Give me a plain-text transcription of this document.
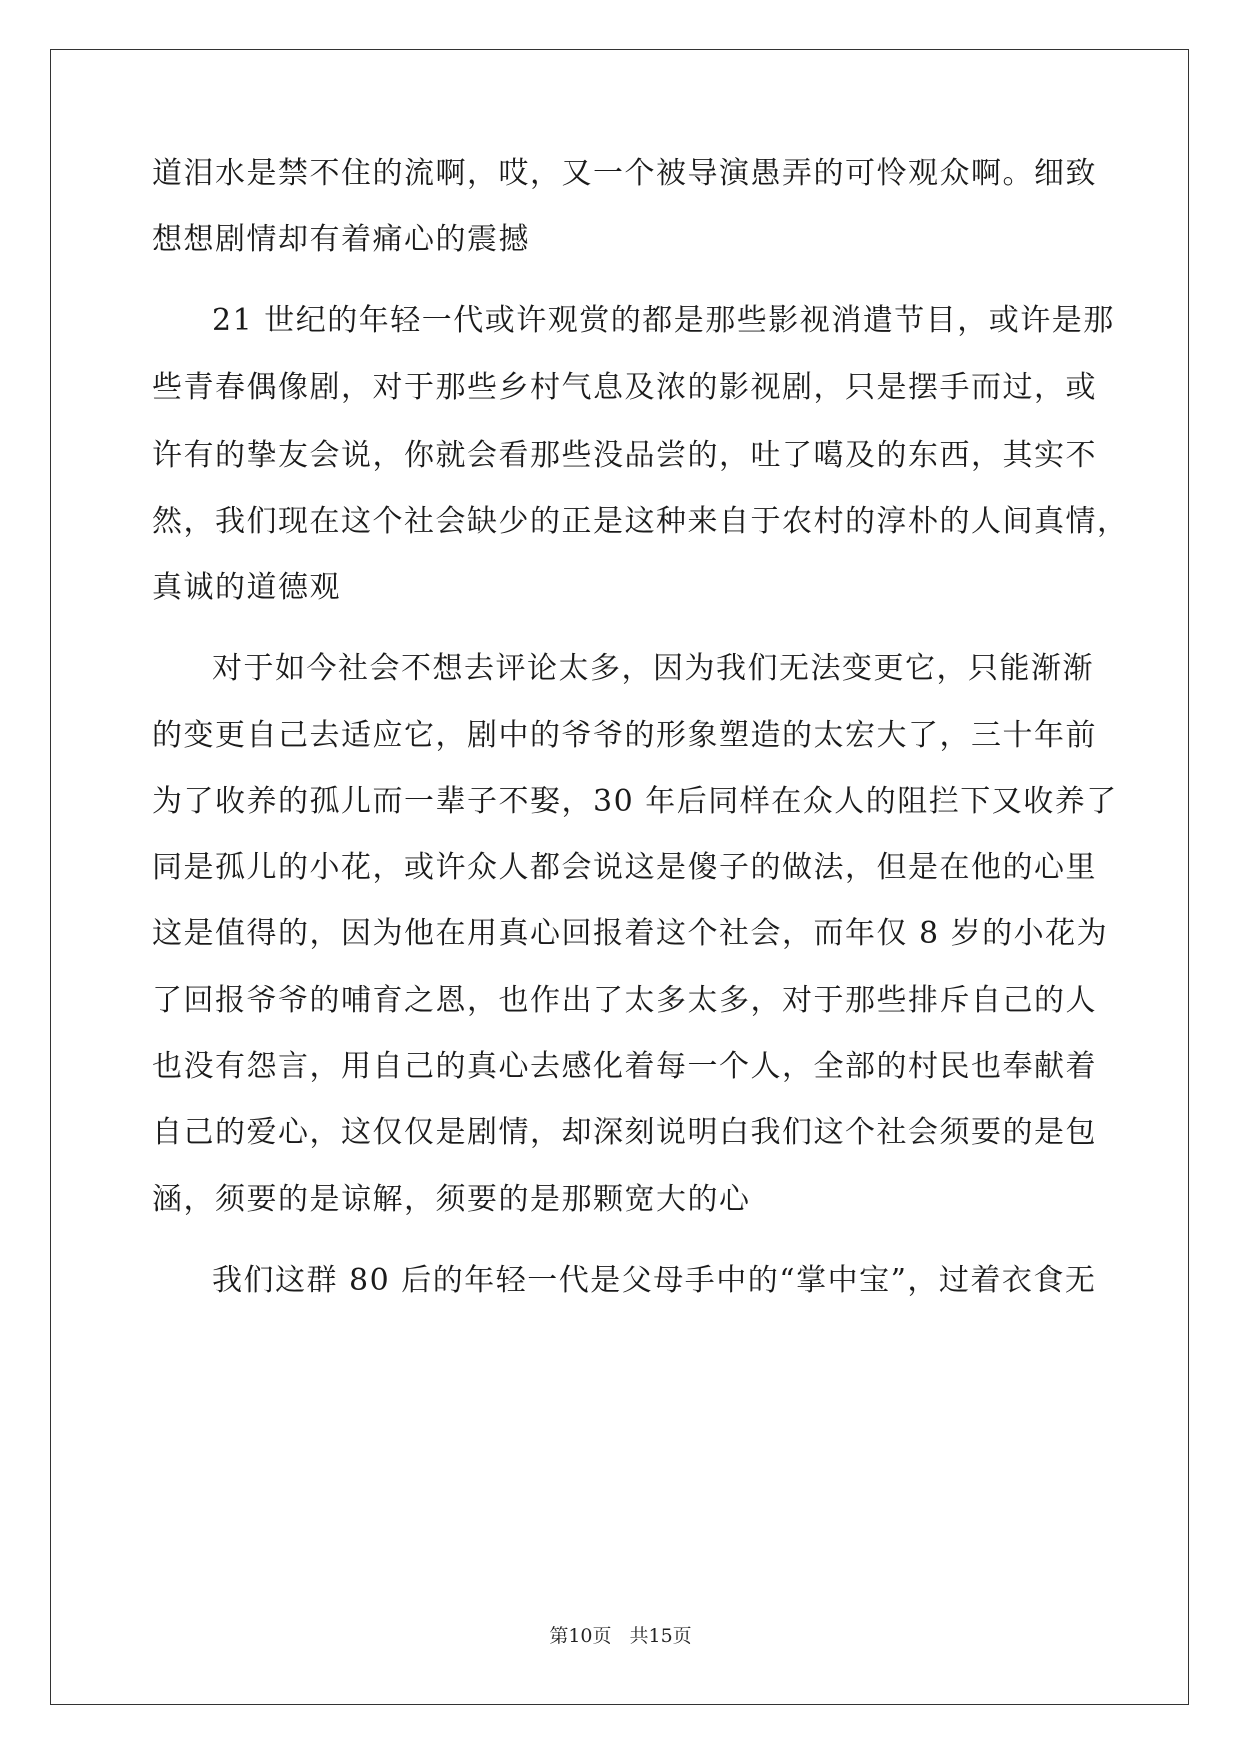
道泪水是禁不住的流啊，哎，又一个被导演愚弄的可怜观众啊。细致
想想剧情却有着痛心的震撼
21 世纪的年轻一代或许观赏的都是那些影视消遣节目，或许是那
些青春偶像剧，对于那些乡村气息及浓的影视剧，只是摆手而过，或
许有的挚友会说，你就会看那些没品尝的，吐了噶及的东西，其实不
然，我们现在这个社会缺少的正是这种来自于农村的淳朴的人间真情，
真诚的道德观
对于如今社会不想去评论太多，因为我们无法变更它，只能渐渐
的变更自己去适应它，剧中的爷爷的形象塑造的太宏大了，三十年前
为了收养的孤儿而一辈子不娶，30 年后同样在众人的阻拦下又收养了
同是孤儿的小花，或许众人都会说这是傻子的做法，但是在他的心里
这是值得的，因为他在用真心回报着这个社会，而年仅 8 岁的小花为
了回报爷爷的哺育之恩，也作出了太多太多，对于那些排斥自己的人
也没有怨言，用自己的真心去感化着每一个人，全部的村民也奉献着
自己的爱心，这仅仅是剧情，却深刻说明白我们这个社会须要的是包
涵，须要的是谅解，须要的是那颗宽大的心
我们这群 80 后的年轻一代是父母手中的“掌中宝”，过着衣食无
第10页 共15页
